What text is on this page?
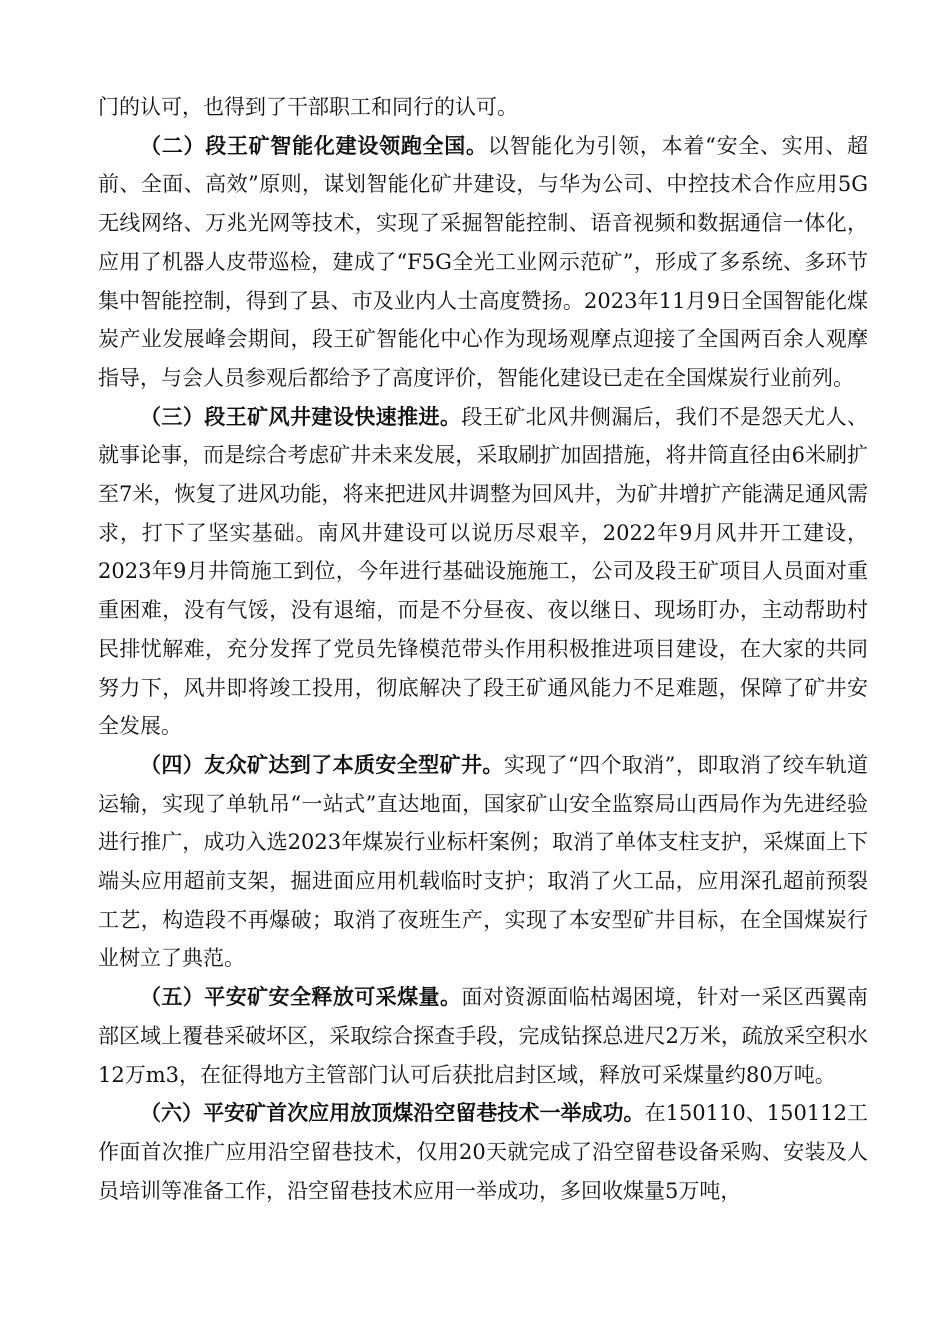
门的认可，也得到了干部职工和同行的认可。

（二）段王矿智能化建设领跑全国。以智能化为引领，本着“安全、实用、超前、全面、高效”原则，谋划智能化矿井建设，与华为公司、中控技术合作应用5G无线网络、万兆光网等技术，实现了采掘智能控制、语音视频和数据通信一体化，应用了机器人皮带巡检，建成了“F5G全光工业网示范矿”，形成了多系统、多环节集中智能控制，得到了县、市及业内人士高度赞扬。2023年11月9日全国智能化煤炭产业发展峰会期间，段王矿智能化中心作为现场观摩点迎接了全国两百余人观摩指导，与会人员参观后都给予了高度评价，智能化建设已走在全国煤炭行业前列。

（三）段王矿风井建设快速推进。段王矿北风井侧漏后，我们不是怨天尤人、就事论事，而是综合考虑矿井未来发展，采取刷扩加固措施，将井筒直径由6米刷扩至7米，恢复了进风功能，将来把进风井调整为回风井，为矿井增扩产能满足通风需求，打下了坚实基础。南风井建设可以说历尽艰辛，2022年9月风井开工建设，2023年9月井筒施工到位，今年进行基础设施施工，公司及段王矿项目人员面对重重困难，没有气馁，没有退缩，而是不分昼夜、夜以继日、现场盯办，主动帮助村民排忧解难，充分发挥了党员先锋模范带头作用积极推进项目建设，在大家的共同努力下，风井即将竣工投用，彻底解决了段王矿通风能力不足难题，保障了矿井安全发展。

（四）友众矿达到了本质安全型矿井。实现了“四个取消”，即取消了绞车轨道运输，实现了单轨吊“一站式”直达地面，国家矿山安全监察局山西局作为先进经验进行推广，成功入选2023年煤炭行业标杆案例；取消了单体支柱支护，采煤面上下端头应用超前支架，掘进面应用机载临时支护；取消了火工品，应用深孔超前预裂工艺，构造段不再爆破；取消了夜班生产，实现了本安型矿井目标，在全国煤炭行业树立了典范。

（五）平安矿安全释放可采煤量。面对资源面临枯竭困境，针对一采区西翼南部区域上覆巷采破坏区，采取综合探查手段，完成钻探总进尺2万米，疏放采空积水12万m3，在征得地方主管部门认可后获批启封区域，释放可采煤量约80万吨。

（六）平安矿首次应用放顶煤沿空留巷技术一举成功。在150110、150112工作面首次推广应用沿空留巷技术，仅用20天就完成了沿空留巷设备采购、安装及人员培训等准备工作，沿空留巷技术应用一举成功，多回收煤量5万吨，
